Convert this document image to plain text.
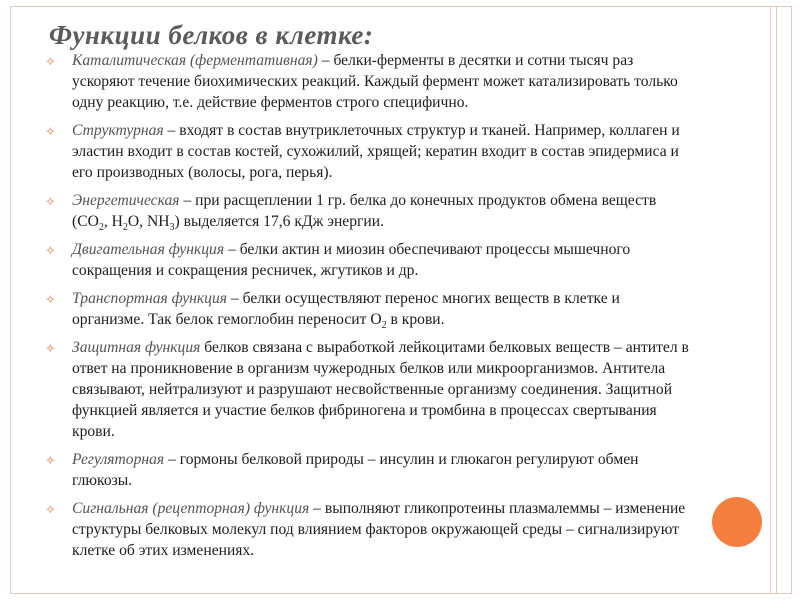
Функции белков в клетке:
⟡ Каталитическая (ферментативная) – белки-ферменты в десятки и сотни тысяч раз ускоряют течение биохимических реакций. Каждый фермент может катализировать только одну реакцию, т.е. действие ферментов строго специфично.
⟡ Структурная – входят в состав внутриклеточных структур и тканей. Например, коллаген и эластин входит в состав костей, сухожилий, хрящей; кератин входит в состав эпидермиса и его производных (волосы, рога, перья).
⟡ Энергетическая – при расщеплении 1 гр. белка до конечных продуктов обмена веществ ($CO_2$, $H_2O$, $NH_3$) выделяется 17,6 кДж энергии.
⟡ Двигательная функция – белки актин и миозин обеспечивают процессы мышечного сокращения и сокращения ресничек, жгутиков и др.
⟡ Транспортная функция – белки осуществляют перенос многих веществ в клетке и организме. Так белок гемоглобин переносит $O_2$ в крови.
⟡ Защитная функция белков связана с выработкой лейкоцитами белковых веществ – антител в ответ на проникновение в организм чужеродных белков или микроорганизмов. Антитела связывают, нейтрализуют и разрушают несвойственные организму соединения. Защитной функцией является и участие белков фибриногена и тромбина в процессах свертывания крови.
⟡ Регуляторная – гормоны белковой природы – инсулин и глюкагон регулируют обмен глюкозы.
⟡ Сигнальная (рецепторная) функция – выполняют гликопротеины плазмалеммы – изменение структуры белковых молекул под влиянием факторов окружающей среды – сигнализируют клетке об этих изменениях.
